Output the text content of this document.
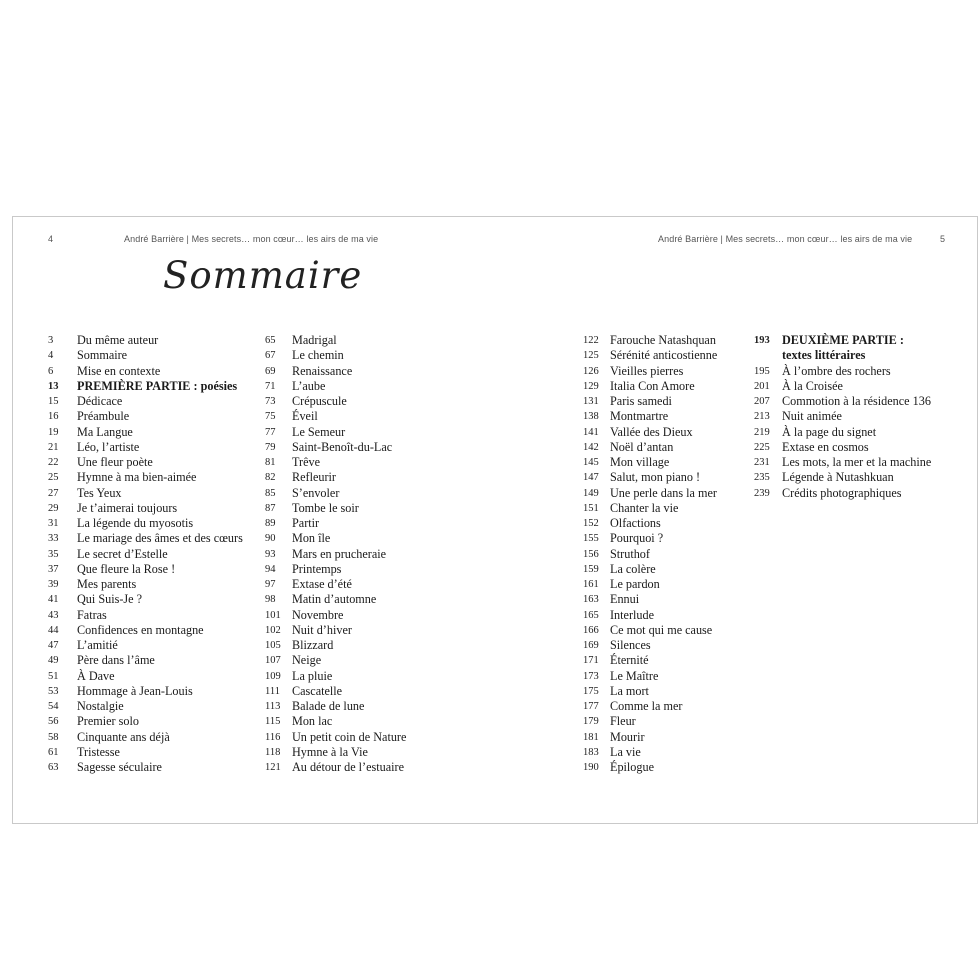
4	André Barrière | Mes secrets… mon cœur… les airs de ma vie	André Barrière | Mes secrets… mon cœur… les airs de ma vie	5
Sommaire
3 Du même auteur
4 Sommaire
6 Mise en contexte
13 PREMIÈRE PARTIE : poésies
15 Dédicace
16 Préambule
19 Ma Langue
21 Léo, l’artiste
22 Une fleur poète
25 Hymne à ma bien-aimée
27 Tes Yeux
29 Je t’aimerai toujours
31 La légende du myosotis
33 Le mariage des âmes et des cœurs
35 Le secret d’Estelle
37 Que fleure la Rose !
39 Mes parents
41 Qui Suis-Je ?
43 Fatras
44 Confidences en montagne
47 L’amitié
49 Père dans l’âme
51 À Dave
53 Hommage à Jean-Louis
54 Nostalgie
56 Premier solo
58 Cinquante ans déjà
61 Tristesse
63 Sagesse séculaire
65 Madrigal
67 Le chemin
69 Renaissance
71 L’aube
73 Crépuscule
75 Éveil
77 Le Semeur
79 Saint-Benoît-du-Lac
81 Trêve
82 Refleurir
85 S’envoler
87 Tombe le soir
89 Partir
90 Mon île
93 Mars en prucheraie
94 Printemps
97 Extase d’été
98 Matin d’automne
101 Novembre
102 Nuit d’hiver
105 Blizzard
107 Neige
109 La pluie
111 Cascatelle
113 Balade de lune
115 Mon lac
116 Un petit coin de Nature
118 Hymne à la Vie
121 Au détour de l’estuaire
122 Farouche Natashquan
125 Sérénité anticostienne
126 Vieilles pierres
129 Italia Con Amore
131 Paris samedi
138 Montmartre
141 Vallée des Dieux
142 Noël d’antan
145 Mon village
147 Salut, mon piano !
149 Une perle dans la mer
151 Chanter la vie
152 Olfactions
155 Pourquoi ?
156 Struthof
159 La colère
161 Le pardon
163 Ennui
165 Interlude
166 Ce mot qui me cause
169 Silences
171 Éternité
173 Le Maître
175 La mort
177 Comme la mer
179 Fleur
181 Mourir
183 La vie
190 Épilogue
193 DEUXIÈME PARTIE :
textes littéraires
195 À l’ombre des rochers
201 À la Croisée
207 Commotion à la résidence 136
213 Nuit animée
219 À la page du signet
225 Extase en cosmos
231 Les mots, la mer et la machine
235 Légende à Nutashkuan
239 Crédits photographiques
